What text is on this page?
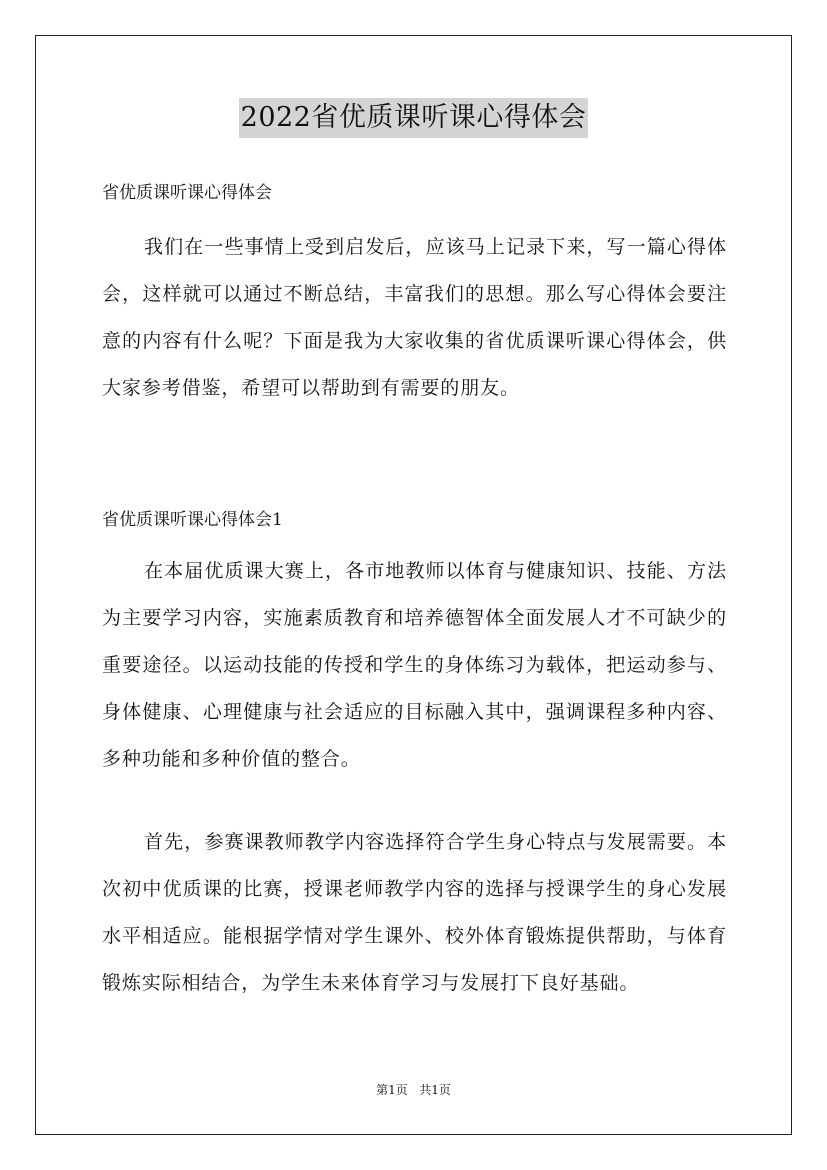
2022省优质课听课心得体会
省优质课听课心得体会
我们在一些事情上受到启发后，应该马上记录下来，写一篇心得体会，这样就可以通过不断总结，丰富我们的思想。那么写心得体会要注意的内容有什么呢？下面是我为大家收集的省优质课听课心得体会，供大家参考借鉴，希望可以帮助到有需要的朋友。
省优质课听课心得体会1
在本届优质课大赛上，各市地教师以体育与健康知识、技能、方法为主要学习内容，实施素质教育和培养德智体全面发展人才不可缺少的重要途径。以运动技能的传授和学生的身体练习为载体，把运动参与、身体健康、心理健康与社会适应的目标融入其中，强调课程多种内容、多种功能和多种价值的整合。
首先，参赛课教师教学内容选择符合学生身心特点与发展需要。本次初中优质课的比赛，授课老师教学内容的选择与授课学生的身心发展水平相适应。能根据学情对学生课外、校外体育锻炼提供帮助，与体育锻炼实际相结合，为学生未来体育学习与发展打下良好基础。
第1页 共1页
